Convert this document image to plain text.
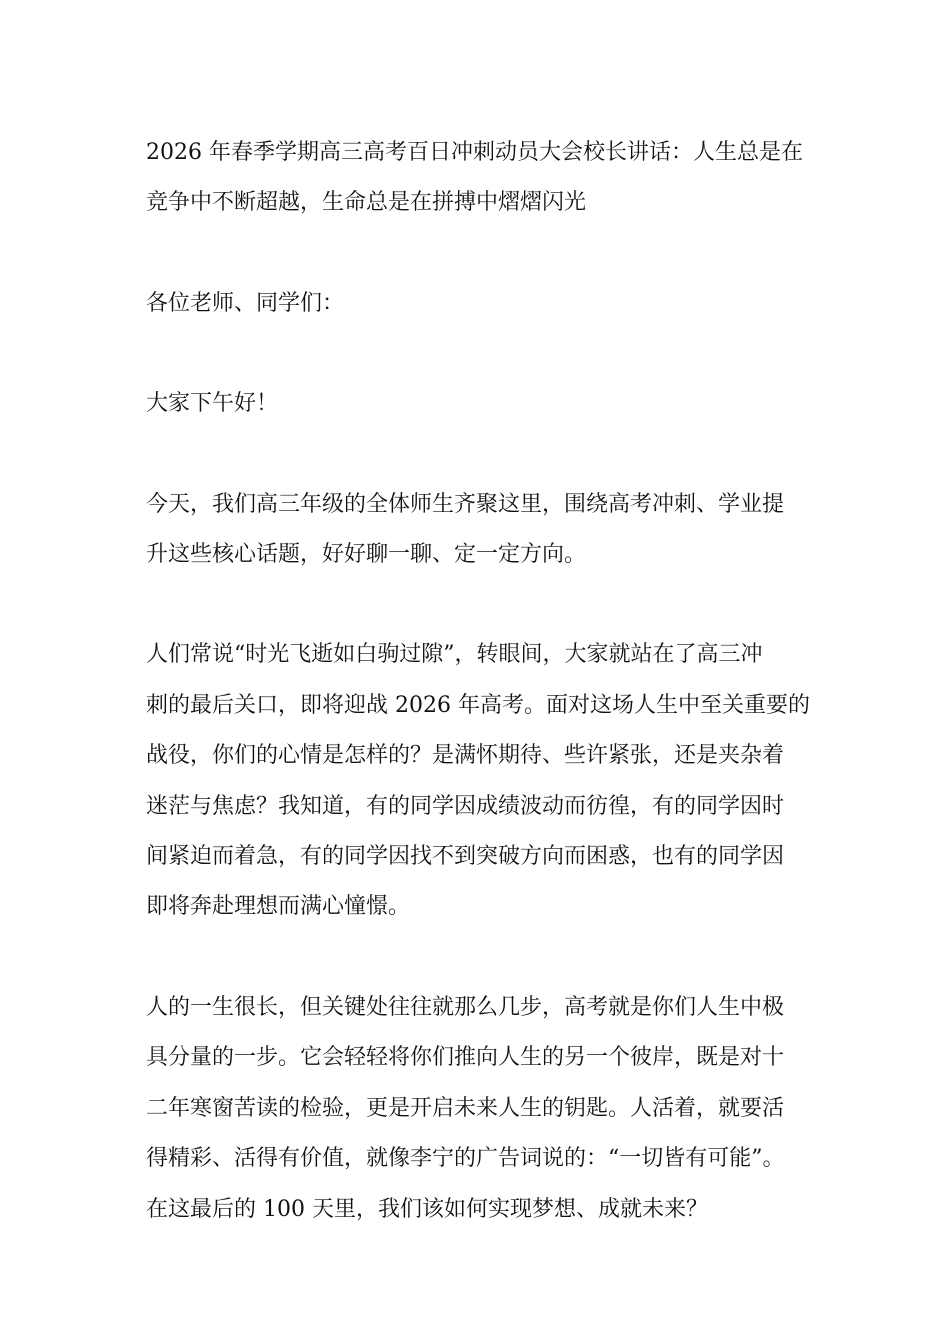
2026 年春季学期高三高考百日冲刺动员大会校长讲话：人生总是在
竞争中不断超越，生命总是在拼搏中熠熠闪光

各位老师、同学们：

大家下午好！

今天，我们高三年级的全体师生齐聚这里，围绕高考冲刺、学业提
升这些核心话题，好好聊一聊、定一定方向。

人们常说“时光飞逝如白驹过隙”，转眼间，大家就站在了高三冲
刺的最后关口，即将迎战 2026 年高考。面对这场人生中至关重要的
战役，你们的心情是怎样的？是满怀期待、些许紧张，还是夹杂着
迷茫与焦虑？我知道，有的同学因成绩波动而彷徨，有的同学因时
间紧迫而着急，有的同学因找不到突破方向而困惑，也有的同学因
即将奔赴理想而满心憧憬。

人的一生很长，但关键处往往就那么几步，高考就是你们人生中极
具分量的一步。它会轻轻将你们推向人生的另一个彼岸，既是对十
二年寒窗苦读的检验，更是开启未来人生的钥匙。人活着，就要活
得精彩、活得有价值，就像李宁的广告词说的：“一切皆有可能”。
在这最后的 100 天里，我们该如何实现梦想、成就未来？
